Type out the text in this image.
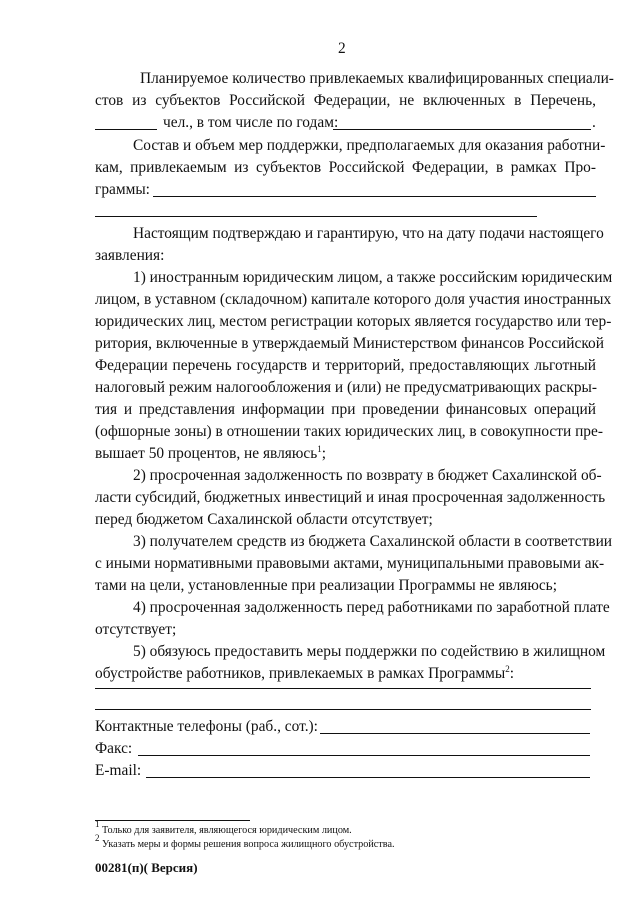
2
Планируемое количество привлекаемых квалифицированных специали-
стов из субъектов Российской Федерации, не включенных в Перечень,
чел., в том числе по годам:	.
Состав и объем мер поддержки, предполагаемых для оказания работни-
кам, привлекаемым из субъектов Российской Федерации, в рамках Про-
граммы:
Настоящим подтверждаю и гарантирую, что на дату подачи настоящего
заявления:
1) иностранным юридическим лицом, а также российским юридическим
лицом, в уставном (складочном) капитале которого доля участия иностранных
юридических лиц, местом регистрации которых является государство или тер-
ритория, включенные в утверждаемый Министерством финансов Российской
Федерации перечень государств и территорий, предоставляющих льготный
налоговый режим налогообложения и (или) не предусматривающих раскры-
тия и представления информации при проведении финансовых операций
(офшорные зоны) в отношении таких юридических лиц, в совокупности пре-
вышает 50 процентов, не являюсь$^1$;
2) просроченная задолженность по возврату в бюджет Сахалинской об-
ласти субсидий, бюджетных инвестиций и иная просроченная задолженность
перед бюджетом Сахалинской области отсутствует;
3) получателем средств из бюджета Сахалинской области в соответствии
с иными нормативными правовыми актами, муниципальными правовыми ак-
тами на цели, установленные при реализации Программы не являюсь;
4) просроченная задолженность перед работниками по заработной плате
отсутствует;
5) обязуюсь предоставить меры поддержки по содействию в жилищном
обустройстве работников, привлекаемых в рамках Программы$^2$:
Контактные телефоны (раб., сот.):
Факс:
E-mail:
$^1$ Только для заявителя, являющегося юридическим лицом.
$^2$ Указать меры и формы решения вопроса жилищного обустройства.
00281(п)( Версия)
